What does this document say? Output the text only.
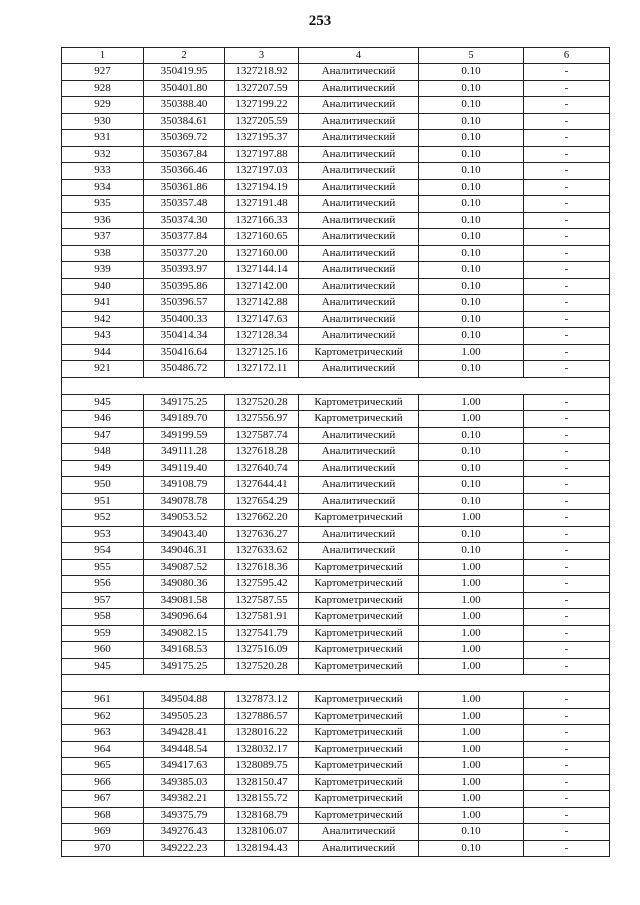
253
1	2	3	4	5	6
927	350419.95	1327218.92	Аналитический	0.10	-
928	350401.80	1327207.59	Аналитический	0.10	-
929	350388.40	1327199.22	Аналитический	0.10	-
930	350384.61	1327205.59	Аналитический	0.10	-
931	350369.72	1327195.37	Аналитический	0.10	-
932	350367.84	1327197.88	Аналитический	0.10	-
933	350366.46	1327197.03	Аналитический	0.10	-
934	350361.86	1327194.19	Аналитический	0.10	-
935	350357.48	1327191.48	Аналитический	0.10	-
936	350374.30	1327166.33	Аналитический	0.10	-
937	350377.84	1327160.65	Аналитический	0.10	-
938	350377.20	1327160.00	Аналитический	0.10	-
939	350393.97	1327144.14	Аналитический	0.10	-
940	350395.86	1327142.00	Аналитический	0.10	-
941	350396.57	1327142.88	Аналитический	0.10	-
942	350400.33	1327147.63	Аналитический	0.10	-
943	350414.34	1327128.34	Аналитический	0.10	-
944	350416.64	1327125.16	Картометрический	1.00	-
921	350486.72	1327172.11	Аналитический	0.10	-

945	349175.25	1327520.28	Картометрический	1.00	-
946	349189.70	1327556.97	Картометрический	1.00	-
947	349199.59	1327587.74	Аналитический	0.10	-
948	349111.28	1327618.28	Аналитический	0.10	-
949	349119.40	1327640.74	Аналитический	0.10	-
950	349108.79	1327644.41	Аналитический	0.10	-
951	349078.78	1327654.29	Аналитический	0.10	-
952	349053.52	1327662.20	Картометрический	1.00	-
953	349043.40	1327636.27	Аналитический	0.10	-
954	349046.31	1327633.62	Аналитический	0.10	-
955	349087.52	1327618.36	Картометрический	1.00	-
956	349080.36	1327595.42	Картометрический	1.00	-
957	349081.58	1327587.55	Картометрический	1.00	-
958	349096.64	1327581.91	Картометрический	1.00	-
959	349082.15	1327541.79	Картометрический	1.00	-
960	349168.53	1327516.09	Картометрический	1.00	-
945	349175.25	1327520.28	Картометрический	1.00	-

961	349504.88	1327873.12	Картометрический	1.00	-
962	349505.23	1327886.57	Картометрический	1.00	-
963	349428.41	1328016.22	Картометрический	1.00	-
964	349448.54	1328032.17	Картометрический	1.00	-
965	349417.63	1328089.75	Картометрический	1.00	-
966	349385.03	1328150.47	Картометрический	1.00	-
967	349382.21	1328155.72	Картометрический	1.00	-
968	349375.79	1328168.79	Картометрический	1.00	-
969	349276.43	1328106.07	Аналитический	0.10	-
970	349222.23	1328194.43	Аналитический	0.10	-
